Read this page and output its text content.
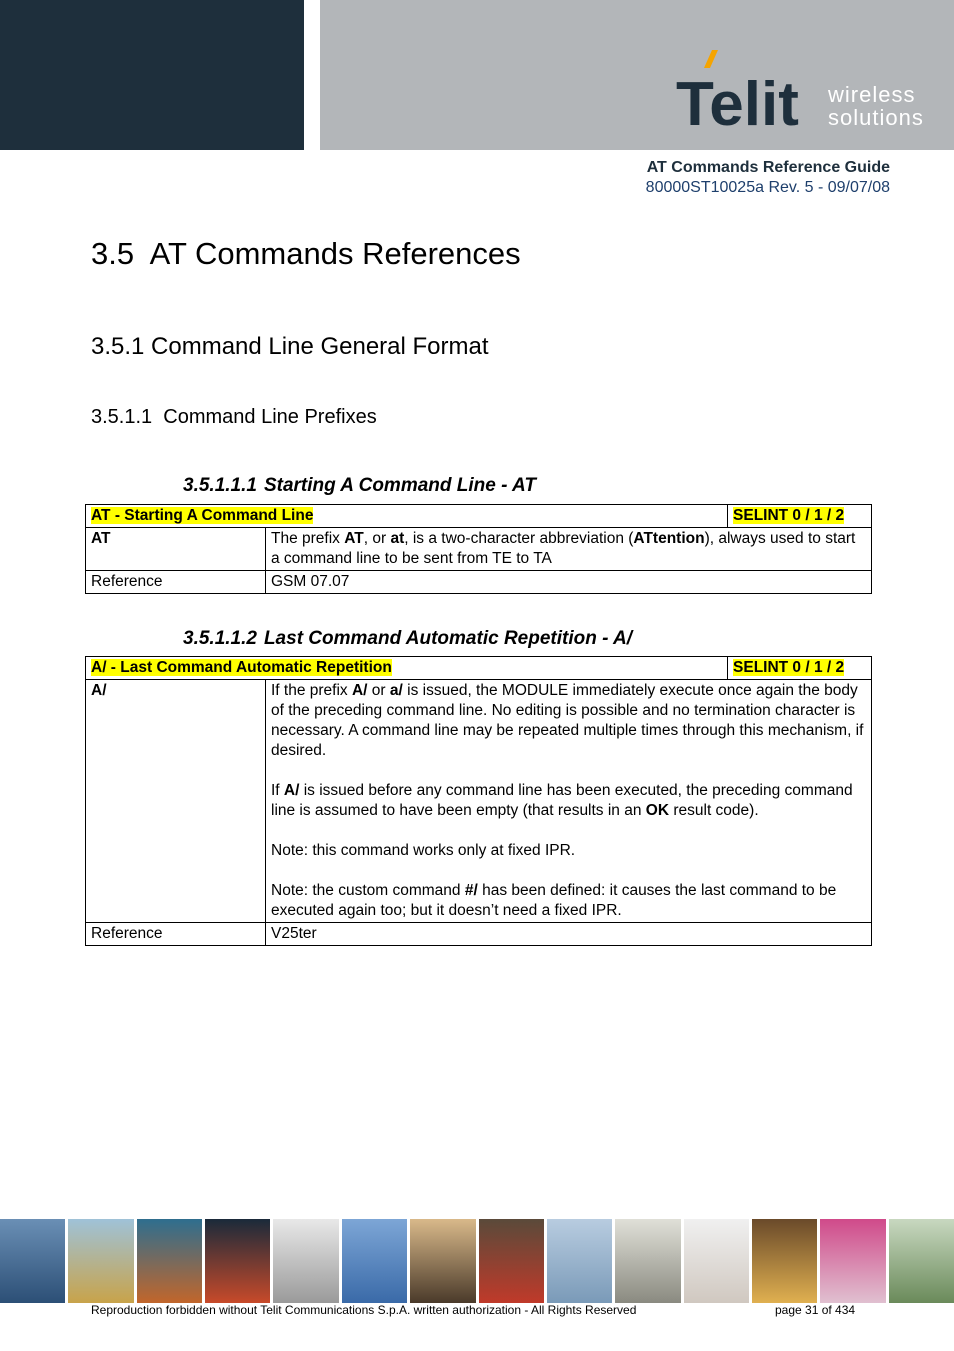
Telit wireless
solutions
AT Commands Reference Guide
80000ST10025a Rev. 5 - 09/07/08
3.5  AT Commands References
3.5.1 Command Line General Format
3.5.1.1  Command Line Prefixes
3.5.1.1.1 Starting A Command Line - AT
AT - Starting A Command Line		SELINT 0 / 1 / 2
AT	The prefix AT, or at, is a two-character abbreviation (ATtention), always used to start a command line to be sent from TE to TA	
Reference	GSM 07.07	
3.5.1.1.2 Last Command Automatic Repetition - A/
A/ - Last Command Automatic Repetition		SELINT 0 / 1 / 2
A/	If the prefix A/ or a/ is issued, the MODULE immediately execute once again the body of the preceding command line. No editing is possible and no termination character is necessary. A command line may be repeated multiple times through this mechanism, if desired.

If A/ is issued before any command line has been executed, the preceding command line is assumed to have been empty (that results in an OK result code).

Note: this command works only at fixed IPR.

Note: the custom command #/ has been defined: it causes the last command to be executed again too; but it doesn’t need a fixed IPR.	

Reference	V25ter	
Reproduction forbidden without Telit Communications S.p.A. written authorization - All Rights Reserved	page 31 of 434
